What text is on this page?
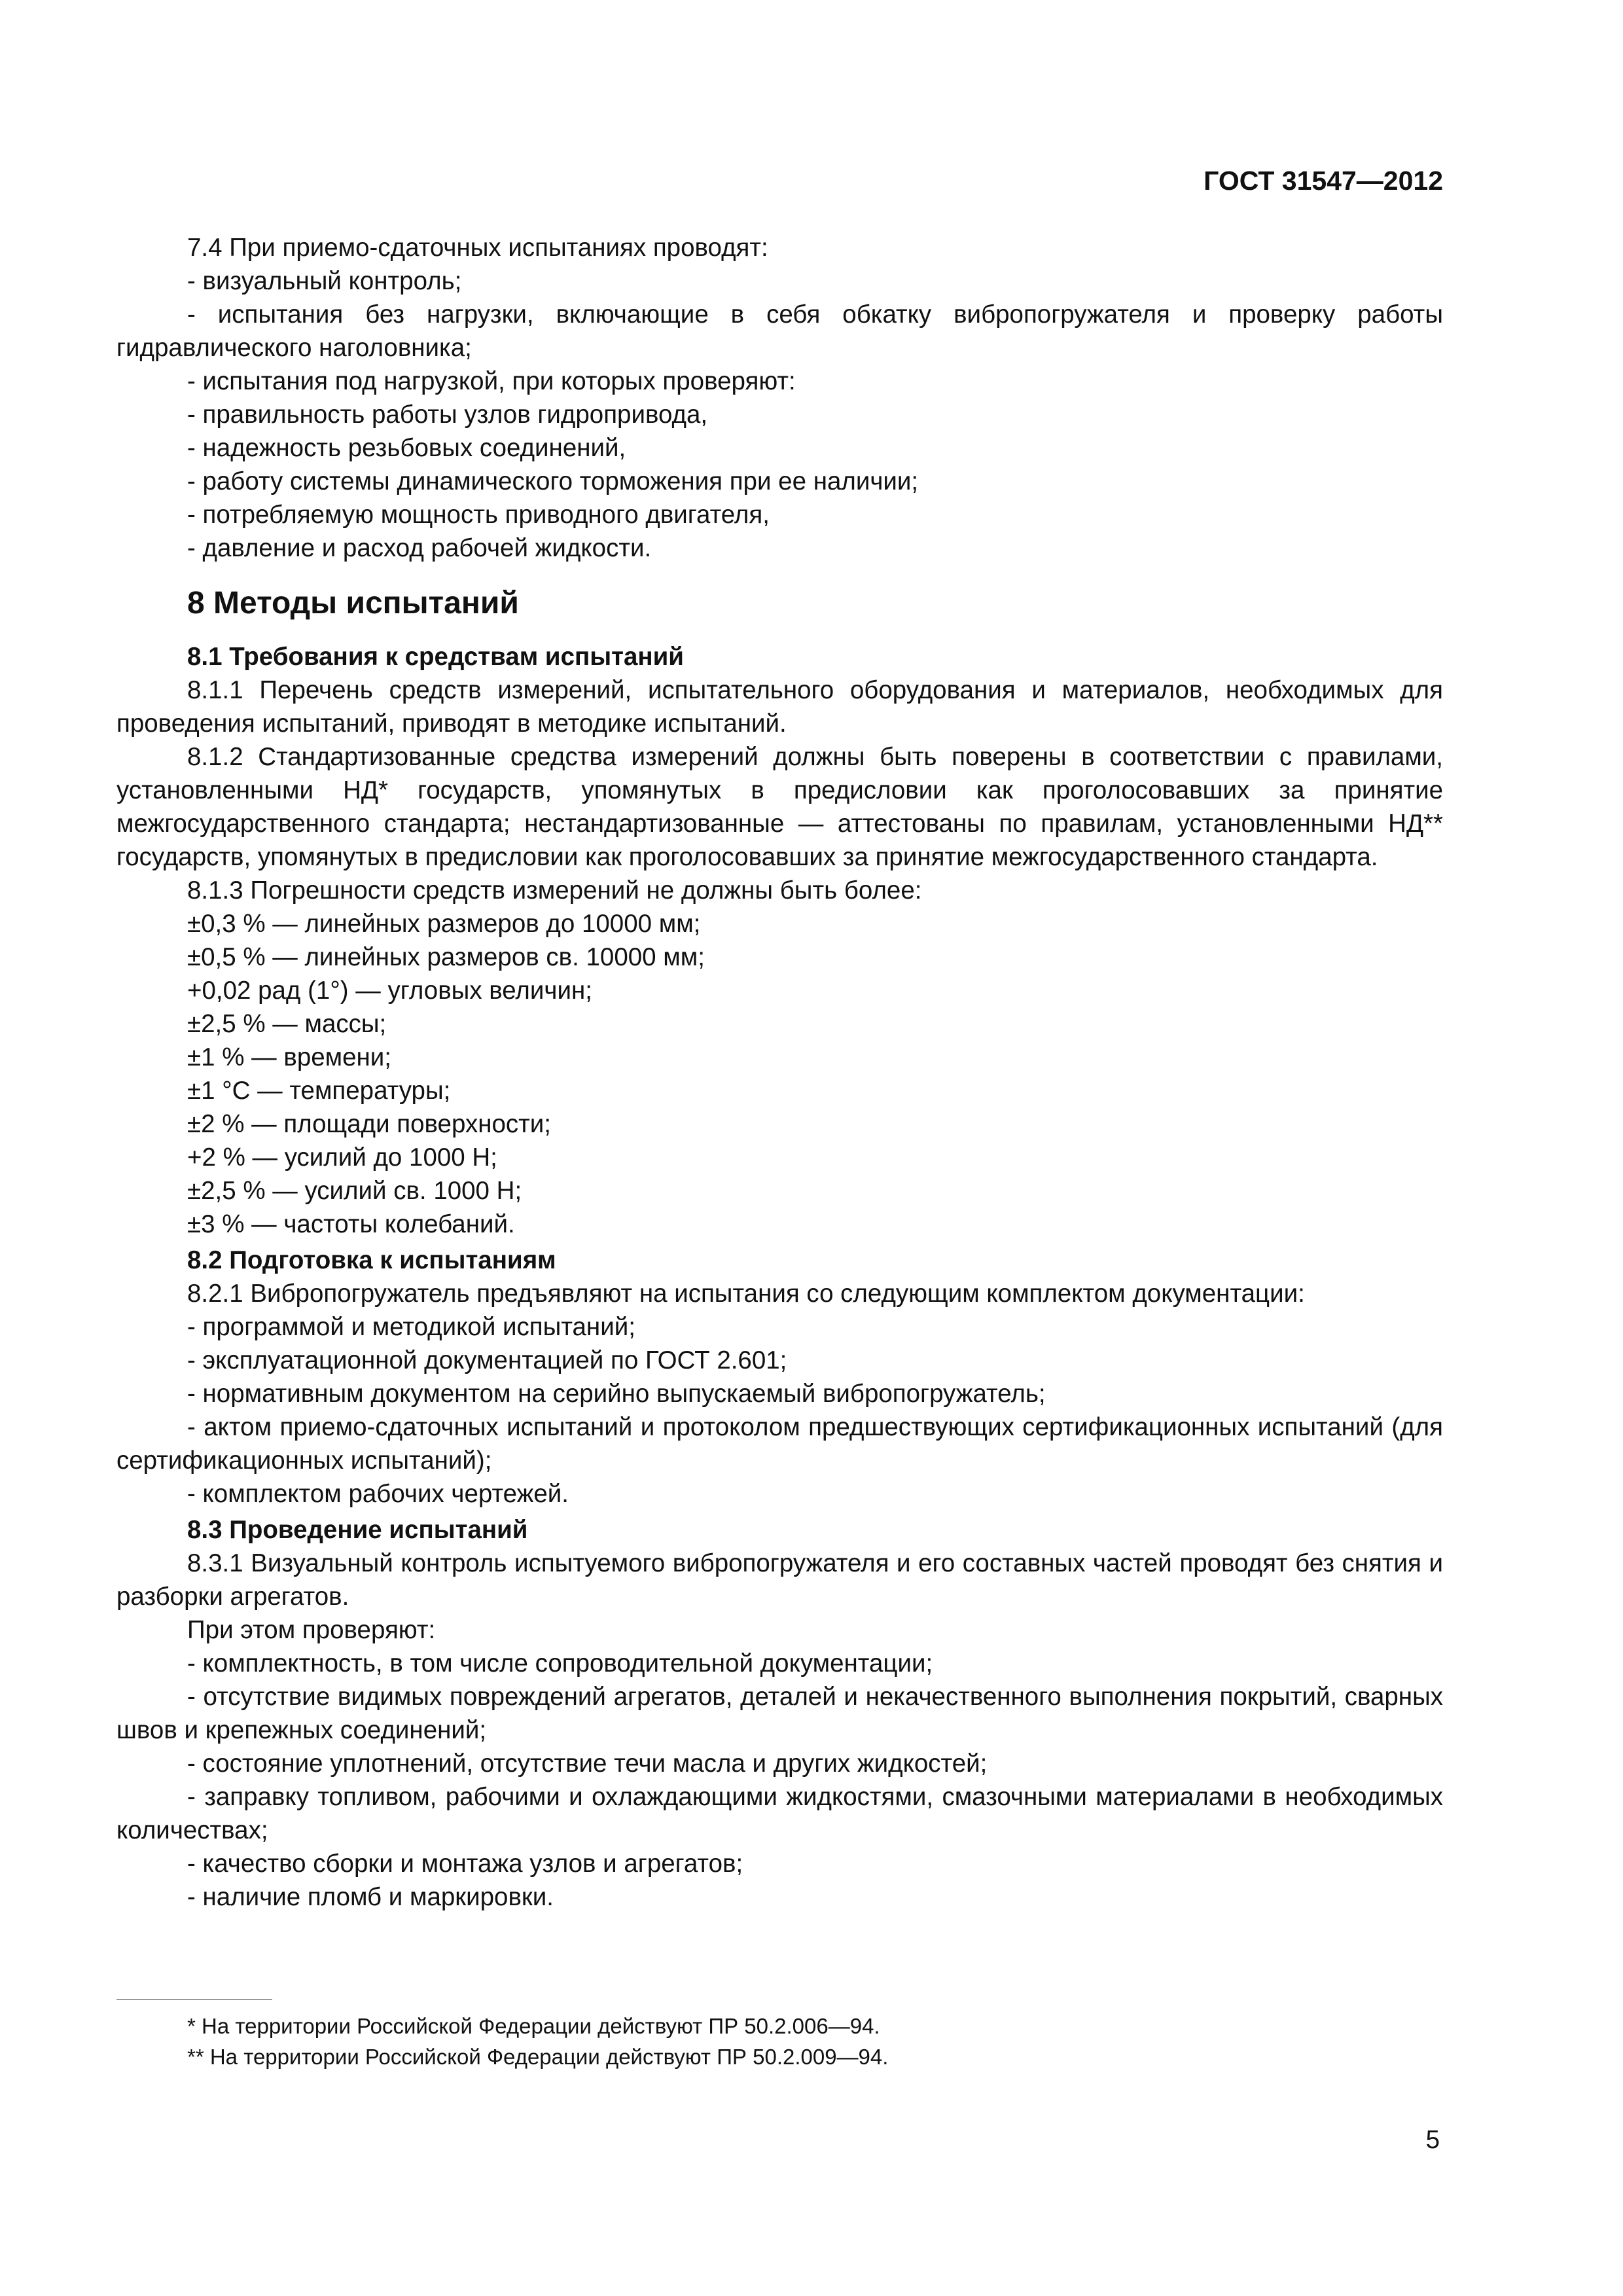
ГОСТ 31547—2012

7.4 При приемо-сдаточных испытаниях проводят:

- визуальный контроль;

- испытания без нагрузки, включающие в себя обкатку вибропогружателя и проверку работы гидравлического наголовника;

- испытания под нагрузкой, при которых проверяют:

- правильность работы узлов гидропривода,

- надежность резьбовых соединений,

- работу системы динамического торможения при ее наличии;

- потребляемую мощность приводного двигателя,

- давление и расход рабочей жидкости.

8 Методы испытаний

8.1 Требования к средствам испытаний

8.1.1 Перечень средств измерений, испытательного оборудования и материалов, необходимых для проведения испытаний, приводят в методике испытаний.

8.1.2 Стандартизованные средства измерений должны быть поверены в соответствии с правилами, установленными НД* государств, упомянутых в предисловии как проголосовавших за принятие межгосударственного стандарта; нестандартизованные — аттестованы по правилам, установленными НД** государств, упомянутых в предисловии как проголосовавших за принятие межгосударственного стандарта.

8.1.3 Погрешности средств измерений не должны быть более:

±0,3 % — линейных размеров до 10000 мм;

±0,5 % — линейных размеров св. 10000 мм;

+0,02 рад (1°) — угловых величин;

±2,5 % — массы;

±1 % — времени;

±1 °С — температуры;

±2 % — площади поверхности;

+2 % — усилий до 1000 Н;

±2,5 % — усилий св. 1000 Н;

±3 % — частоты колебаний.

8.2 Подготовка к испытаниям

8.2.1 Вибропогружатель предъявляют на испытания со следующим комплектом документации:

- программой и методикой испытаний;

- эксплуатационной документацией по ГОСТ 2.601;

- нормативным документом на серийно выпускаемый вибропогружатель;

- актом приемо-сдаточных испытаний и протоколом предшествующих сертификационных испытаний (для сертификационных испытаний);

- комплектом рабочих чертежей.

8.3 Проведение испытаний

8.3.1 Визуальный контроль испытуемого вибропогружателя и его составных частей проводят без снятия и разборки агрегатов.

При этом проверяют:

- комплектность, в том числе сопроводительной документации;

- отсутствие видимых повреждений агрегатов, деталей и некачественного выполнения покрытий, сварных швов и крепежных соединений;

- состояние уплотнений, отсутствие течи масла и других жидкостей;

- заправку топливом, рабочими и охлаждающими жидкостями, смазочными материалами в необходимых количествах;

- качество сборки и монтажа узлов и агрегатов;

- наличие пломб и маркировки.

* На территории Российской Федерации действуют ПР 50.2.006—94.

** На территории Российской Федерации действуют ПР 50.2.009—94.

5
